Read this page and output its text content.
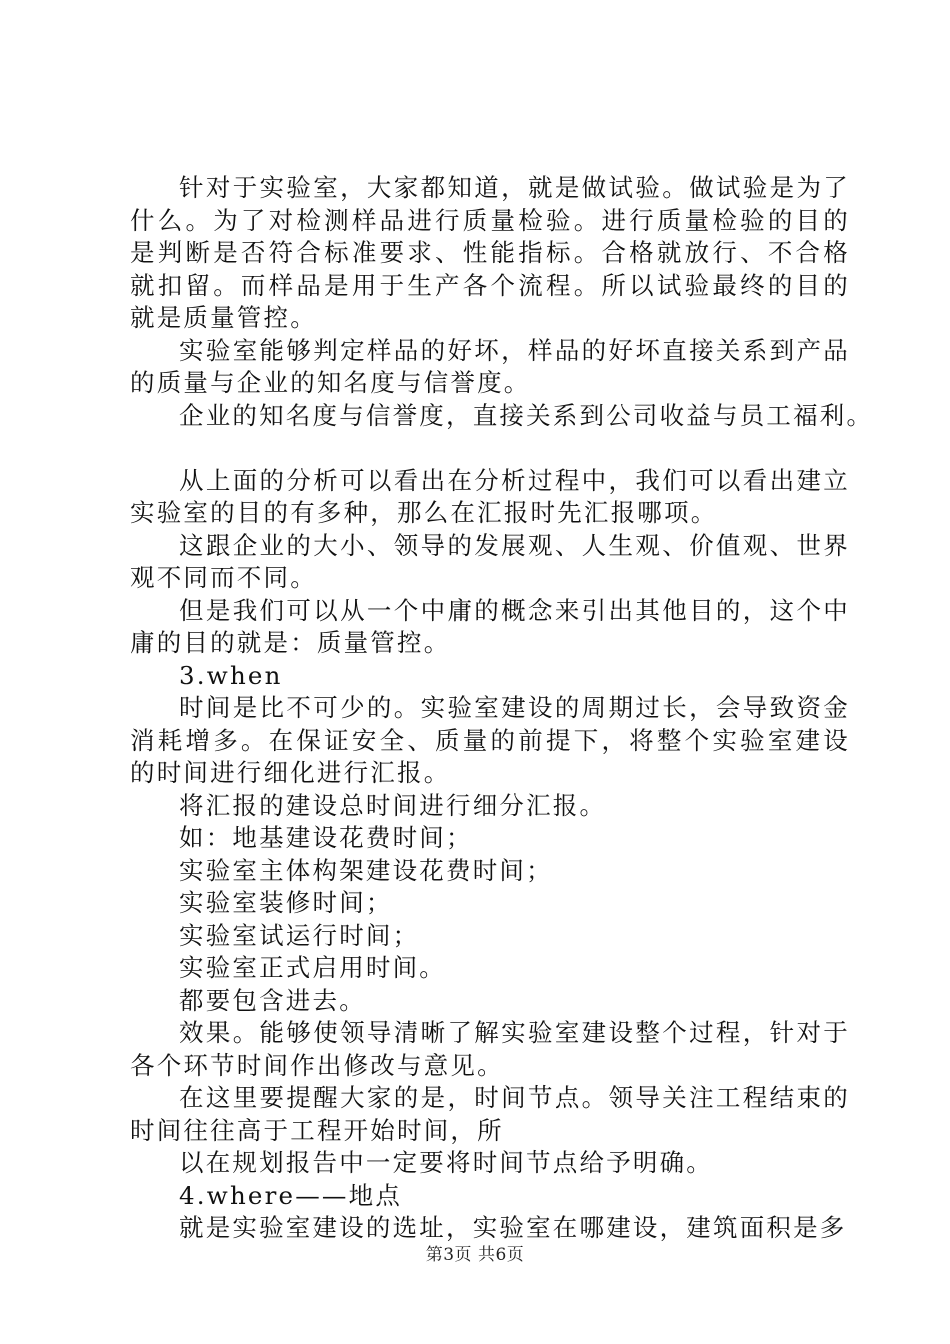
针对于实验室，大家都知道，就是做试验。做试验是为了什么。为了对检测样品进行质量检验。进行质量检验的目的是判断是否符合标准要求、性能指标。合格就放行、不合格就扣留。而样品是用于生产各个流程。所以试验最终的目的就是质量管控。

实验室能够判定样品的好坏，样品的好坏直接关系到产品的质量与企业的知名度与信誉度。

企业的知名度与信誉度，直接关系到公司收益与员工福利。

从上面的分析可以看出在分析过程中，我们可以看出建立实验室的目的有多种，那么在汇报时先汇报哪项。

这跟企业的大小、领导的发展观、人生观、价值观、世界观不同而不同。

但是我们可以从一个中庸的概念来引出其他目的，这个中庸的目的就是：质量管控。

3.when

时间是比不可少的。实验室建设的周期过长，会导致资金消耗增多。在保证安全、质量的前提下，将整个实验室建设的时间进行细化进行汇报。

将汇报的建设总时间进行细分汇报。

如：地基建设花费时间；

实验室主体构架建设花费时间；

实验室装修时间；

实验室试运行时间；

实验室正式启用时间。

都要包含进去。

效果。能够使领导清晰了解实验室建设整个过程，针对于各个环节时间作出修改与意见。

在这里要提醒大家的是，时间节点。领导关注工程结束的时间往往高于工程开始时间，所

以在规划报告中一定要将时间节点给予明确。

4.where——地点

就是实验室建设的选址，实验室在哪建设，建筑面积是多

第3页 共6页
